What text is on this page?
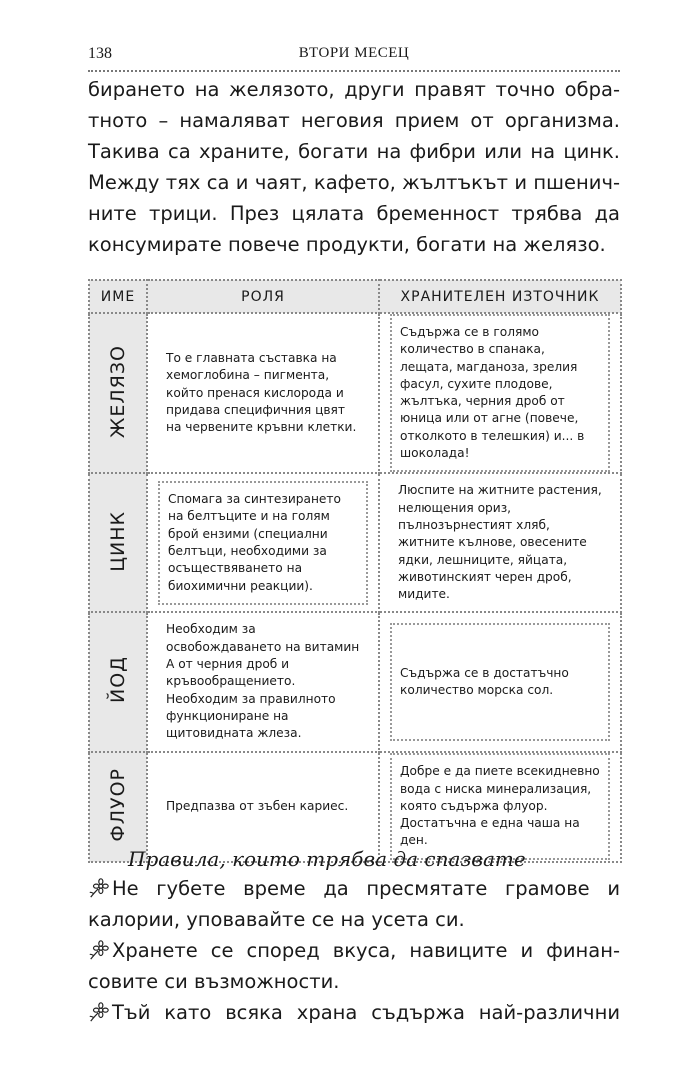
138	ВТОРИ МЕСЕЦ
бирането на желязото, други правят точно обра-
тното – намаляват неговия прием от организма.
Такива са храните, богати на фибри или на цинк.
Между тях са и чаят, кафето, жълтъкът и пшенич-
ните трици. През цялата бременност трябва да
консумирате повече продукти, богати на желязо.
ИМЕ	РОЛЯ	ХРАНИТЕЛЕН ИЗТОЧНИК
ЖЕЛЯЗО	То е главната съставка на хемоглобина – пигмента, който пренася кислорода и придава специфичния цвят на червените кръвни клетки.	Съдържа се в голямо количество в спанака, лещата, магданоза, зрелия фасул, сухите плодове, жълтъка, черния дроб от юница или от агне (повече, отколкото в телешкия) и... в шоколада!

ЦИНК	Спомага за синтезирането на белтъците и на голям брой ензими (специални белтъци, необходими за осъществяването на биохимични реакции).	Люспите на житните растения, нелющения ориз, пълнозърнестият хляб, житните кълнове, овесените ядки, лешниците, яйцата, животинският черен дроб, мидите.

ЙОД	Необходим за освобождаването на витамин А от черния дроб и кръвообращението. Необходим за правилното функциониране на щитовидната жлеза.	Съдържа се в достатъчно количество морска сол.

ФЛУОР	Предпазва от зъбен кариес.	Добре е да пиете всекидневно вода с ниска минерализация, която съдържа флуор. Достатъчна е една чаша на ден.
Правила, които трябва да спазвате
Не губете време да пресмятате грамове и
калории, уповавайте се на усета си.
Хранете се според вкуса, навиците и финан-
совите си възможности.
Тъй като всяка храна съдържа най-различни
